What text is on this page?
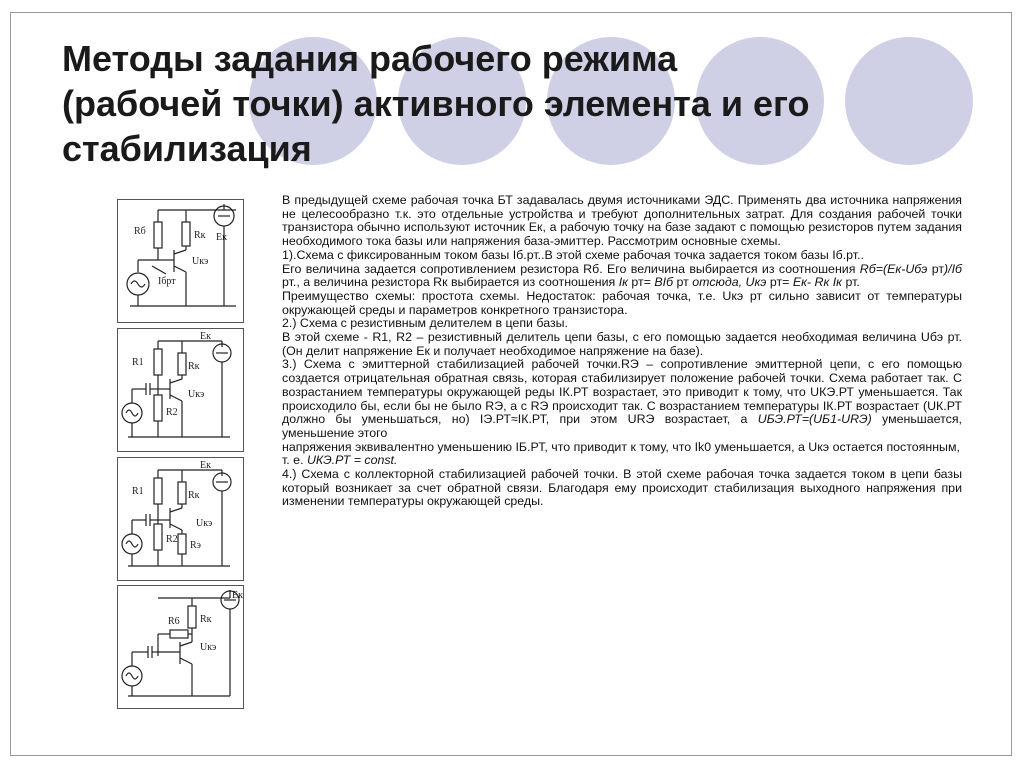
Методы задания рабочего режима
(рабочей точки) активного элемента и его
стабилизация
Rб	Rк Eк
Iбрт
Uкэ
Eк
R1	Rк
R2
Uкэ
Eк
R1	Rк
Uкэ
R2
Rэ
Eк
R6 Rк
Uкэ

В предыдущей схеме рабочая точка БТ задавалась двумя источниками ЭДС. Применять два источника напряжения не целесообразно т.к. это отдельные устройства и требуют дополнительных затрат. Для создания рабочей точки транзистора обычно используют источник Ек, а рабочую точку на базе задают с помощью резисторов путем задания необходимого тока базы или напряжения база-эмиттер. Рассмотрим основные схемы.

1).Схема с фиксированным током базы Iб.рт..В этой схеме рабочая точка задается током базы Iб.рт..

Его величина задается сопротивлением резистора Rб. Его величина выбирается из соотношения Rб=(Ек-Uбэ рт)/Iб рт., а величина резистора Rк выбирается из соотношения Iк рт= ВIб рт отсюда, Uкэ рт= Ек- Rк Iк рт.

Преимущество схемы: простота схемы. Недостаток: рабочая точка, т.е. Uкэ рт сильно зависит от температуры окружающей среды и параметров конкретного транзистора.

2.) Схема с резистивным делителем в цепи базы.

В этой схеме - R1, R2 – резистивный делитель цепи базы, с его помощью задается необходимая величина Uбэ рт. (Он делит напряжение Ек и получает необходимое напряжение на базе).

3.) Схема с эмиттерной стабилизацией рабочей точки.RЭ – сопротивление эмиттерной цепи, с его помощью создается отрицательная обратная связь, которая стабилизирует положение рабочей точки. Схема работает так. С возрастанием температуры окружающей реды IК.РТ возрастает, это приводит к тому, что UКЭ.РТ уменьшается. Так происходило бы, если бы не было RЭ, а с RЭ происходит так. С возрастанием температуры IК.РТ возрастает (UК.РТ должно бы уменьшаться, но) IЭ.РТ≈IК.РТ, при этом URЭ возрастает, а UБЭ.РТ=(UБ1-URЭ) уменьшается, уменьшение этого

напряжения эквивалентно уменьшению IБ.РТ, что приводит к тому, что Ik0 уменьшается, а Uкэ остается постоянным, т. е. UКЭ.РТ = const.

4.) Схема с коллекторной стабилизацией рабочей точки. В этой схеме рабочая точка задается током в цепи базы который возникает за счет обратной связи. Благодаря ему происходит стабилизация выходного напряжения при изменении температуры окружающей среды.
